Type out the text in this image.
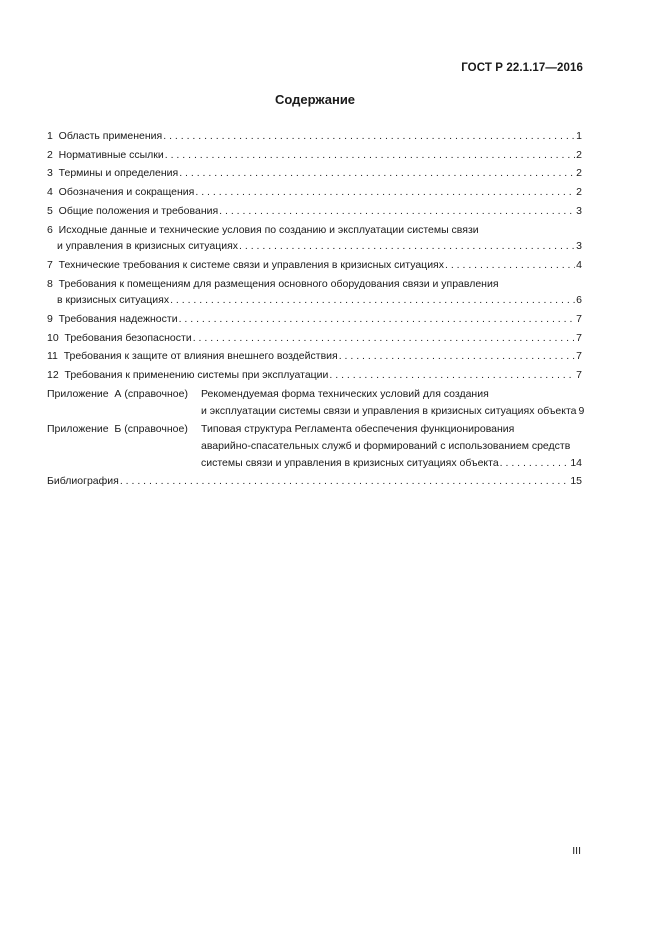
ГОСТ Р 22.1.17—2016
Содержание
1  Область применения . . .	1
2  Нормативные ссылки . . .	2
3  Термины и определения . . .	2
4  Обозначения и сокращения . . .	2
5  Общие положения и требования . . .	3
6  Исходные данные и технические условия по созданию и эксплуатации системы связи
и управления в кризисных ситуациях . . .	3
7  Технические требования к системе связи и управления в кризисных ситуациях . . .	4
8  Требования к помещениям для размещения основного оборудования связи и управления
в кризисных ситуациях . . .	6
9  Требования надежности . . .	7
10  Требования безопасности . . .	7
11  Требования к защите от влияния внешнего воздействия . . .	7
12  Требования к применению системы при эксплуатации . . .	7
Приложение  А (справочное)	Рекомендуемая форма технических условий для создания
и эксплуатации системы связи и управления в кризисных ситуациях объекта 9
Приложение  Б (справочное)	Типовая структура Регламента обеспечения функционирования
аварийно-спасательных служб и формирований с использованием средств
системы связи и управления в кризисных ситуациях объекта . . .	14
Библиография . . .	15
III
